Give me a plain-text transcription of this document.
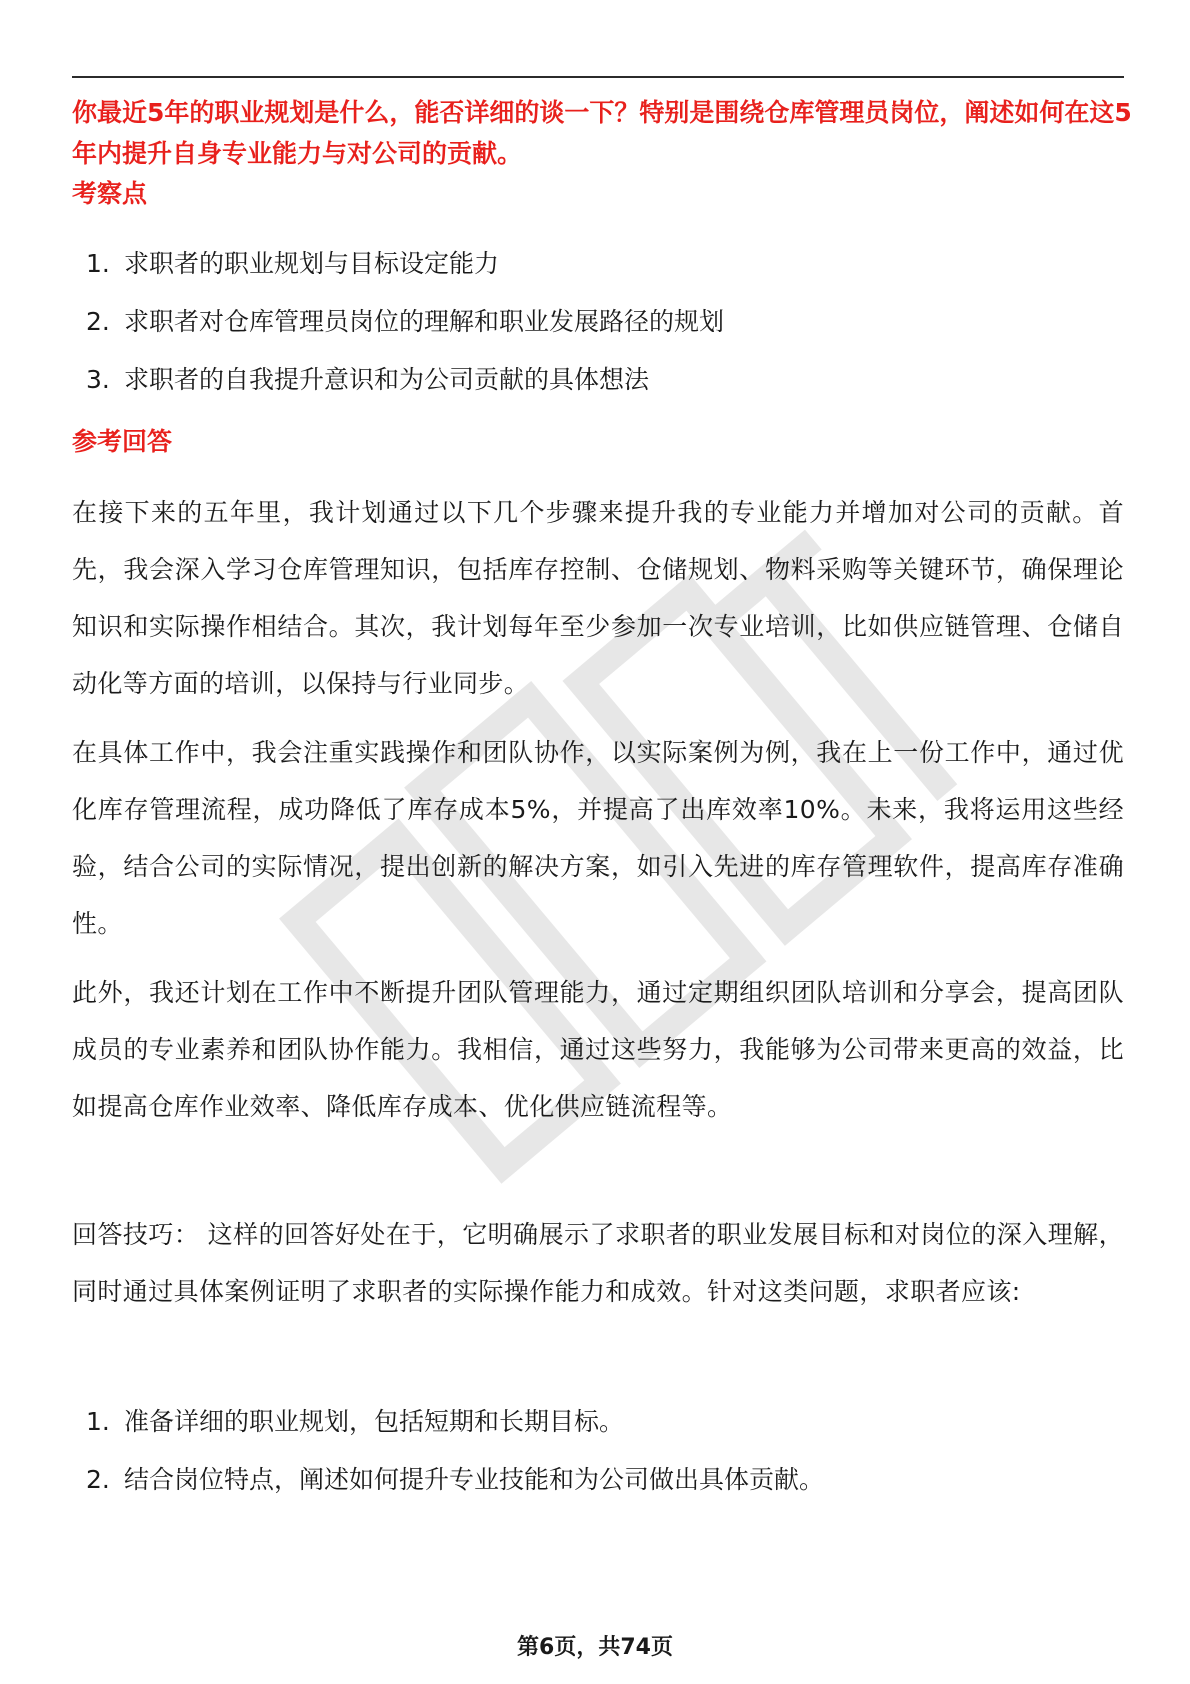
你最近5年的职业规划是什么，能否详细的谈一下？特别是围绕仓库管理员岗位，阐述如何在这5年内提升自身专业能力与对公司的贡献。

考察点
1. 求职者的职业规划与目标设定能力
2. 求职者对仓库管理员岗位的理解和职业发展路径的规划
3. 求职者的自我提升意识和为公司贡献的具体想法
参考回答

在接下来的五年里，我计划通过以下几个步骤来提升我的专业能力并增加对公司的贡献。首先，我会深入学习仓库管理知识，包括库存控制、仓储规划、物料采购等关键环节，确保理论知识和实际操作相结合。其次，我计划每年至少参加一次专业培训，比如供应链管理、仓储自动化等方面的培训，以保持与行业同步。

在具体工作中，我会注重实践操作和团队协作，以实际案例为例，我在上一份工作中，通过优化库存管理流程，成功降低了库存成本5%，并提高了出库效率10%。未来，我将运用这些经验，结合公司的实际情况，提出创新的解决方案，如引入先进的库存管理软件，提高库存准确性。

此外，我还计划在工作中不断提升团队管理能力，通过定期组织团队培训和分享会，提高团队成员的专业素养和团队协作能力。我相信，通过这些努力，我能够为公司带来更高的效益，比如提高仓库作业效率、降低库存成本、优化供应链流程等。

回答技巧： 这样的回答好处在于，它明确展示了求职者的职业发展目标和对岗位的深入理解，同时通过具体案例证明了求职者的实际操作能力和成效。针对这类问题，求职者应该:

1. 准备详细的职业规划，包括短期和长期目标。
2. 结合岗位特点，阐述如何提升专业技能和为公司做出具体贡献。
第6页，共74页
